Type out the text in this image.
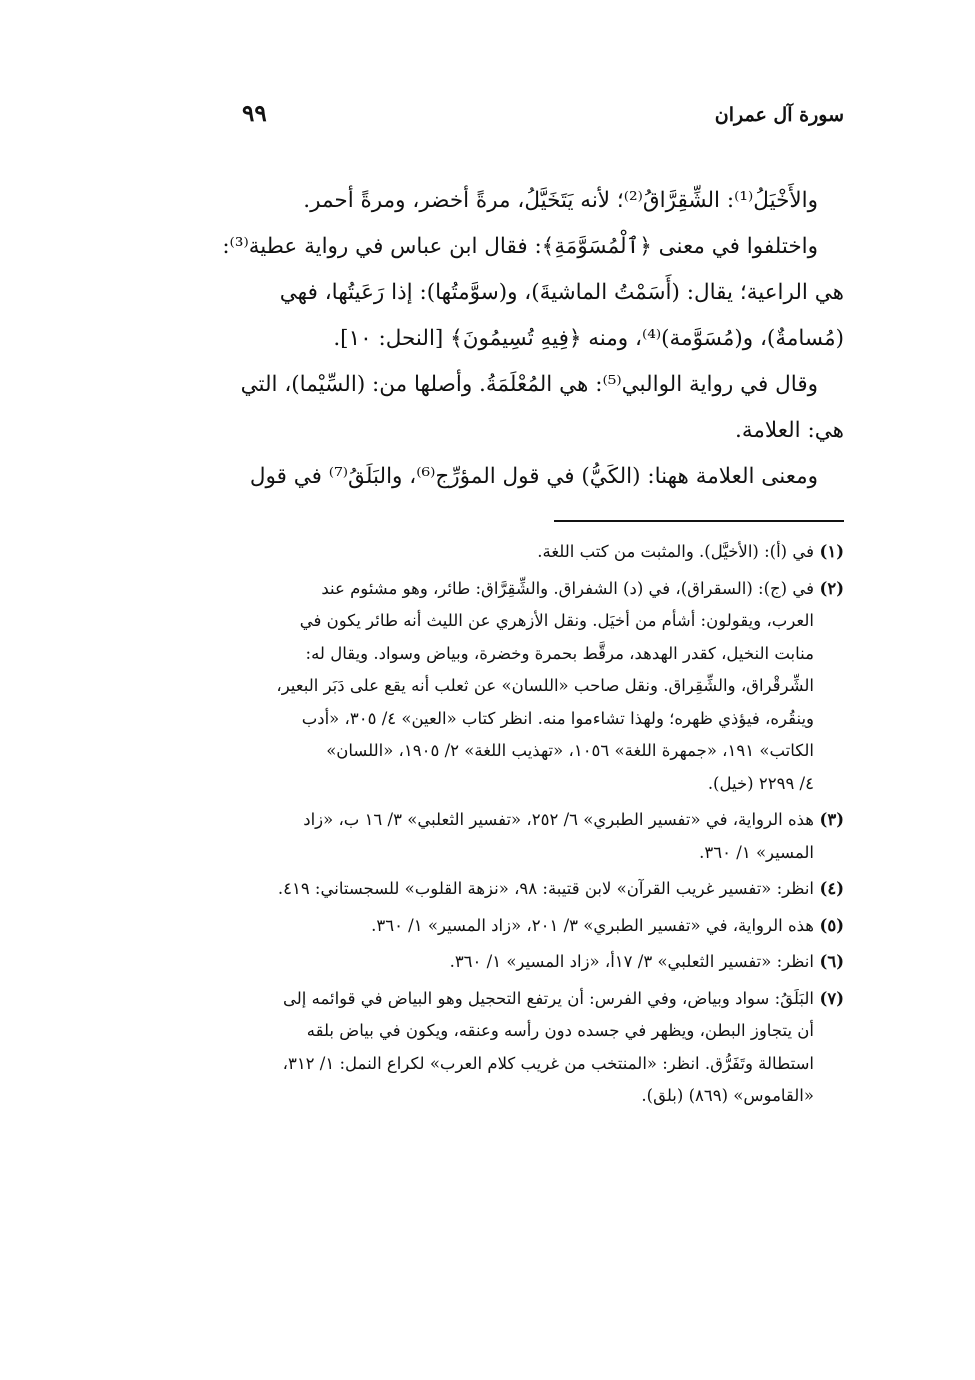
سورة آل عمران
٩٩
والأَخْيَلُ⁽¹⁾: الشِّقِرَّاقُ⁽²⁾؛ لأنه يَتَخَيَّلُ، مرةً أخضر، ومرةً أحمر.
واختلفوا في معنى ﴿ٱلْمُسَوَّمَةِ﴾: فقال ابن عباس في رواية عطية⁽³⁾:
هي الراعية؛ يقال: (أَسَمْتُ الماشيةَ)، و(سوَّمتُها): إذا رَعَيتُها، فهي
(مُسامةٌ)، و(مُسَوَّمة)⁽⁴⁾، ومنه ﴿فِيهِ تُسِيمُونَ﴾ [النحل: ١٠].
وقال في رواية الوالبي⁽⁵⁾: هي المُعْلَمَةُ. وأصلها من: (السِّيْما)، التي
هي: العلامة.
ومعنى العلامة ههنا: (الكَيُّ) في قول المؤرِّج⁽⁶⁾، والبَلَقُ⁽⁷⁾ في قول
(١)
في (أ): (الأخيَّل). والمثبت من كتب اللغة.
(٢)
في (ج): (السقراق)، في (د) الشفراق. والشِّقِرَّاق: طائر، وهو مشئوم عند
العرب، ويقولون: أشأم من أخيَل. ونقل الأزهري عن الليث أنه طائر يكون في
منابت النخيل، كقدر الهدهد، مرقَّط بحمرة وخضرة، وبياض وسواد. ويقال له:
الشِّرقْراق، والشِّقِراق. ونقل صاحب «اللسان» عن ثعلب أنه يقع على دَبَر البعير،
وينقُره، فيؤذي ظهره؛ ولهذا تشاءموا منه. انظر كتاب «العين» ٤/ ٣٠٥، «أدب
الكاتب» ١٩١، «جمهرة اللغة» ١٠٥٦، «تهذيب اللغة» ٢/ ١٩٠٥، «اللسان»
٤/ ٢٢٩٩ (خيل).
(٣)
هذه الرواية، في «تفسير الطبري» ٦/ ٢٥٢، «تفسير الثعلبي» ٣/ ١٦ ب، «زاد
المسير» ١/ ٣٦٠.
(٤)
انظر: «تفسير غريب القرآن» لابن قتيبة: ٩٨، «نزهة القلوب» للسجستاني: ٤١٩.
(٥)
هذه الرواية، في «تفسير الطبري» ٣/ ٢٠١، «زاد المسير» ١/ ٣٦٠.
(٦)
انظر: «تفسير الثعلبي» ٣/ ١٧أ، «زاد المسير» ١/ ٣٦٠.
(٧)
البَلَقُ: سواد وبياض، وفي الفرس: أن يرتفع التحجيل وهو البياض في قوائمه إلى
أن يتجاوز البطن، ويظهر في جسده دون رأسه وعنقه، ويكون في بياض بلقه
استطالة وتَفَرُّق. انظر: «المنتخب من غريب كلام العرب» لكراع النمل: ١/ ٣١٢،
«القاموس» (٨٦٩) (بلق).
